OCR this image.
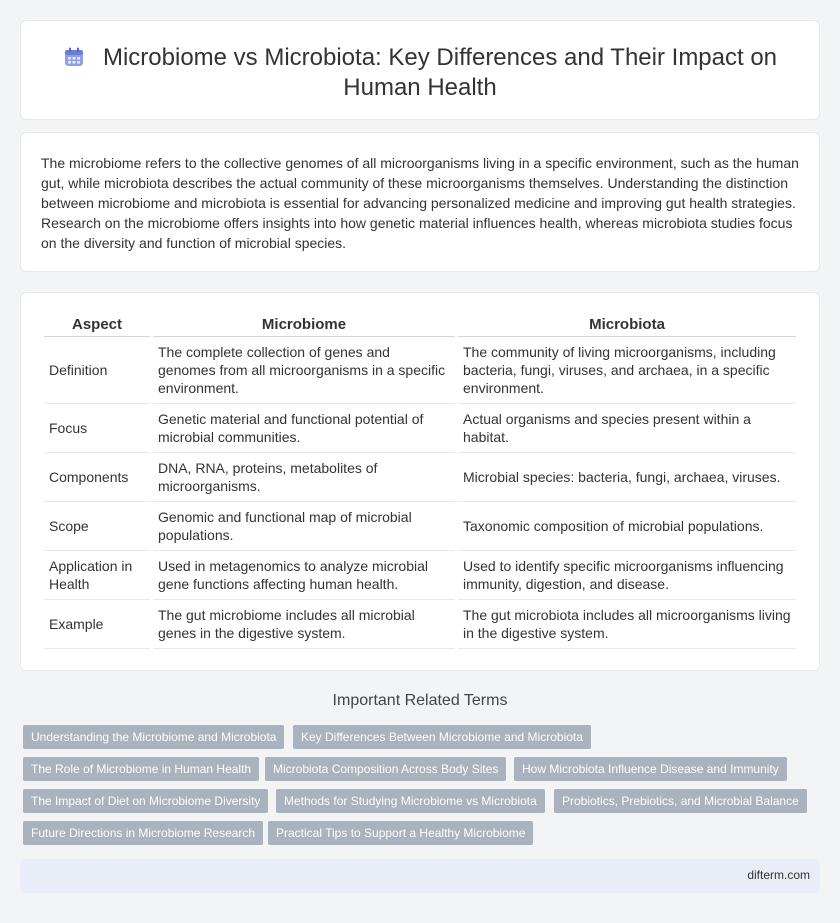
Microbiome vs Microbiota: Key Differences and Their Impact on Human Health

The microbiome refers to the collective genomes of all microorganisms living in a specific environment, such as the human gut, while microbiota describes the actual community of these microorganisms themselves. Understanding the distinction between microbiome and microbiota is essential for advancing personalized medicine and improving gut health strategies. Research on the microbiome offers insights into how genetic material influences health, whereas microbiota studies focus on the diversity and function of microbial species.

Aspect	Microbiome	Microbiota
Definition	The complete collection of genes and genomes from all microorganisms in a specific environment.	The community of living microorganisms, including bacteria, fungi, viruses, and archaea, in a specific environment.
Focus	Genetic material and functional potential of microbial communities.	Actual organisms and species present within a habitat.
Components	DNA, RNA, proteins, metabolites of microorganisms.	Microbial species: bacteria, fungi, archaea, viruses.
Scope	Genomic and functional map of microbial populations.	Taxonomic composition of microbial populations.
Application in Health	Used in metagenomics to analyze microbial gene functions affecting human health.	Used to identify specific microorganisms influencing immunity, digestion, and disease.
Example	The gut microbiome includes all microbial genes in the digestive system.	The gut microbiota includes all microorganisms living in the digestive system.
Important Related Terms
Understanding the Microbiome and Microbiota	Key Differences Between Microbiome and Microbiota
The Role of Microbiome in Human Health	Microbiota Composition Across Body Sites	How Microbiota Influence Disease and Immunity
The Impact of Diet on Microbiome Diversity	Methods for Studying Microbiome vs Microbiota	Probiotics, Prebiotics, and Microbial Balance
Future Directions in Microbiome Research	Practical Tips to Support a Healthy Microbiome
difterm.com
